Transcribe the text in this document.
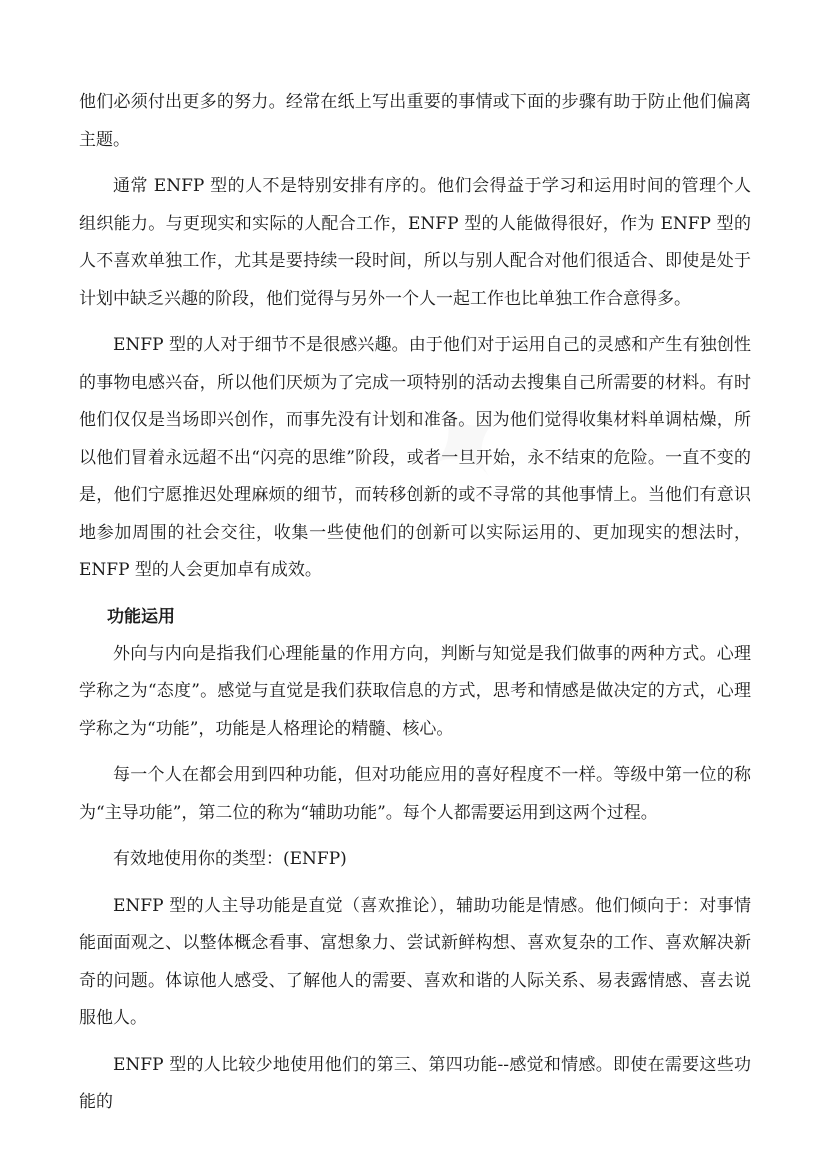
✦

他们必须付出更多的努力。经常在纸上写出重要的事情或下面的步骤有助于防止他们偏离主题。

通常 ENFP 型的人不是特别安排有序的。他们会得益于学习和运用时间的管理个人组织能力。与更现实和实际的人配合工作，ENFP 型的人能做得很好，作为 ENFP 型的人不喜欢单独工作，尤其是要持续一段时间，所以与别人配合对他们很适合、即使是处于计划中缺乏兴趣的阶段，他们觉得与另外一个人一起工作也比单独工作合意得多。

ENFP 型的人对于细节不是很感兴趣。由于他们对于运用自己的灵感和产生有独创性的事物电感兴奋，所以他们厌烦为了完成一项特别的活动去搜集自己所需要的材料。有时他们仅仅是当场即兴创作，而事先没有计划和准备。因为他们觉得收集材料单调枯燥，所以他们冒着永远超不出“闪亮的思维”阶段，或者一旦开始，永不结束的危险。一直不变的是，他们宁愿推迟处理麻烦的细节，而转移创新的或不寻常的其他事情上。当他们有意识地参加周围的社会交往，收集一些使他们的创新可以实际运用的、更加现实的想法时，ENFP 型的人会更加卓有成效。

功能运用

外向与内向是指我们心理能量的作用方向，判断与知觉是我们做事的两种方式。心理学称之为“态度”。感觉与直觉是我们获取信息的方式，思考和情感是做决定的方式，心理学称之为“功能”，功能是人格理论的精髓、核心。

每一个人在都会用到四种功能，但对功能应用的喜好程度不一样。等级中第一位的称为“主导功能”，第二位的称为“辅助功能”。每个人都需要运用到这两个过程。

有效地使用你的类型：(ENFP)

ENFP 型的人主导功能是直觉（喜欢推论），辅助功能是情感。他们倾向于：对事情能面面观之、以整体概念看事、富想象力、尝试新鲜构想、喜欢复杂的工作、喜欢解决新奇的问题。体谅他人感受、了解他人的需要、喜欢和谐的人际关系、易表露情感、喜去说服他人。

ENFP 型的人比较少地使用他们的第三、第四功能--感觉和情感。即使在需要这些功能的
